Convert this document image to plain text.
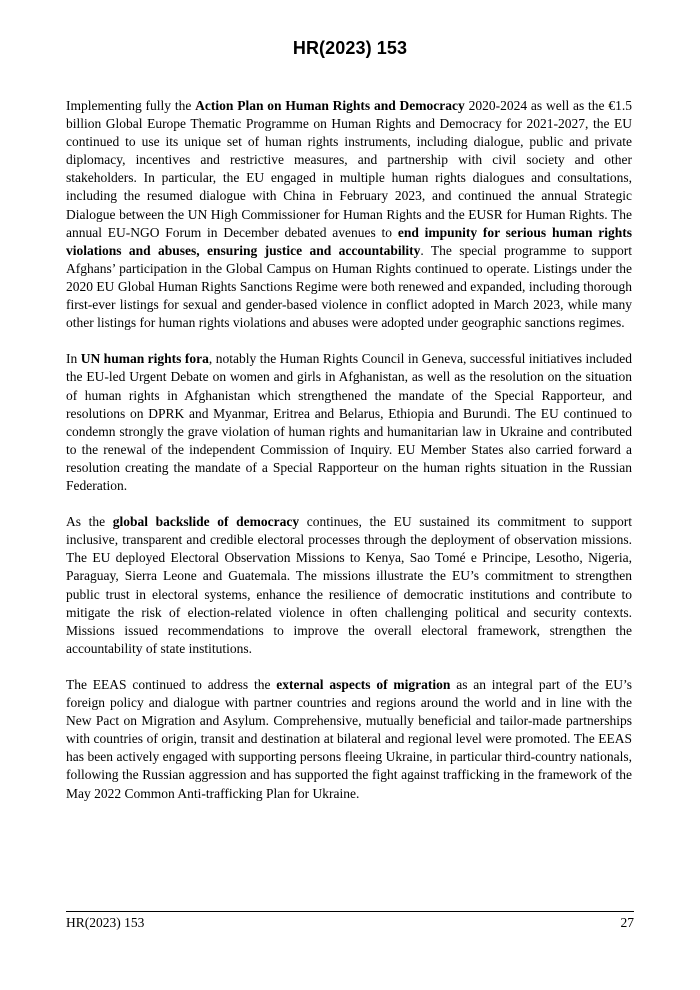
HR(2023) 153

Implementing fully the Action Plan on Human Rights and Democracy 2020-2024 as well as the €1.5 billion Global Europe Thematic Programme on Human Rights and Democracy for 2021-2027, the EU continued to use its unique set of human rights instruments, including dialogue, public and private diplomacy, incentives and restrictive measures, and partnership with civil society and other stakeholders. In particular, the EU engaged in multiple human rights dialogues and consultations, including the resumed dialogue with China in February 2023, and continued the annual Strategic Dialogue between the UN High Commissioner for Human Rights and the EUSR for Human Rights. The annual EU-NGO Forum in December debated avenues to end impunity for serious human rights violations and abuses, ensuring justice and accountability. The special programme to support Afghans’ participation in the Global Campus on Human Rights continued to operate. Listings under the 2020 EU Global Human Rights Sanctions Regime were both renewed and expanded, including thorough first-ever listings for sexual and gender-based violence in conflict adopted in March 2023, while many other listings for human rights violations and abuses were adopted under geographic sanctions regimes.

In UN human rights fora, notably the Human Rights Council in Geneva, successful initiatives included the EU-led Urgent Debate on women and girls in Afghanistan, as well as the resolution on the situation of human rights in Afghanistan which strengthened the mandate of the Special Rapporteur, and resolutions on DPRK and Myanmar, Eritrea and Belarus, Ethiopia and Burundi. The EU continued to condemn strongly the grave violation of human rights and humanitarian law in Ukraine and contributed to the renewal of the independent Commission of Inquiry. EU Member States also carried forward a resolution creating the mandate of a Special Rapporteur on the human rights situation in the Russian Federation.

As the global backslide of democracy continues, the EU sustained its commitment to support inclusive, transparent and credible electoral processes through the deployment of observation missions. The EU deployed Electoral Observation Missions to Kenya, Sao Tomé e Principe, Lesotho, Nigeria, Paraguay, Sierra Leone and Guatemala. The missions illustrate the EU’s commitment to strengthen public trust in electoral systems, enhance the resilience of democratic institutions and contribute to mitigate the risk of election-related violence in often challenging political and security contexts. Missions issued recommendations to improve the overall electoral framework, strengthen the accountability of state institutions.

The EEAS continued to address the external aspects of migration as an integral part of the EU’s foreign policy and dialogue with partner countries and regions around the world and in line with the New Pact on Migration and Asylum. Comprehensive, mutually beneficial and tailor-made partnerships with countries of origin, transit and destination at bilateral and regional level were promoted. The EEAS has been actively engaged with supporting persons fleeing Ukraine, in particular third-country nationals, following the Russian aggression and has supported the fight against trafficking in the framework of the May 2022 Common Anti-trafficking Plan for Ukraine.

HR(2023) 153	27
